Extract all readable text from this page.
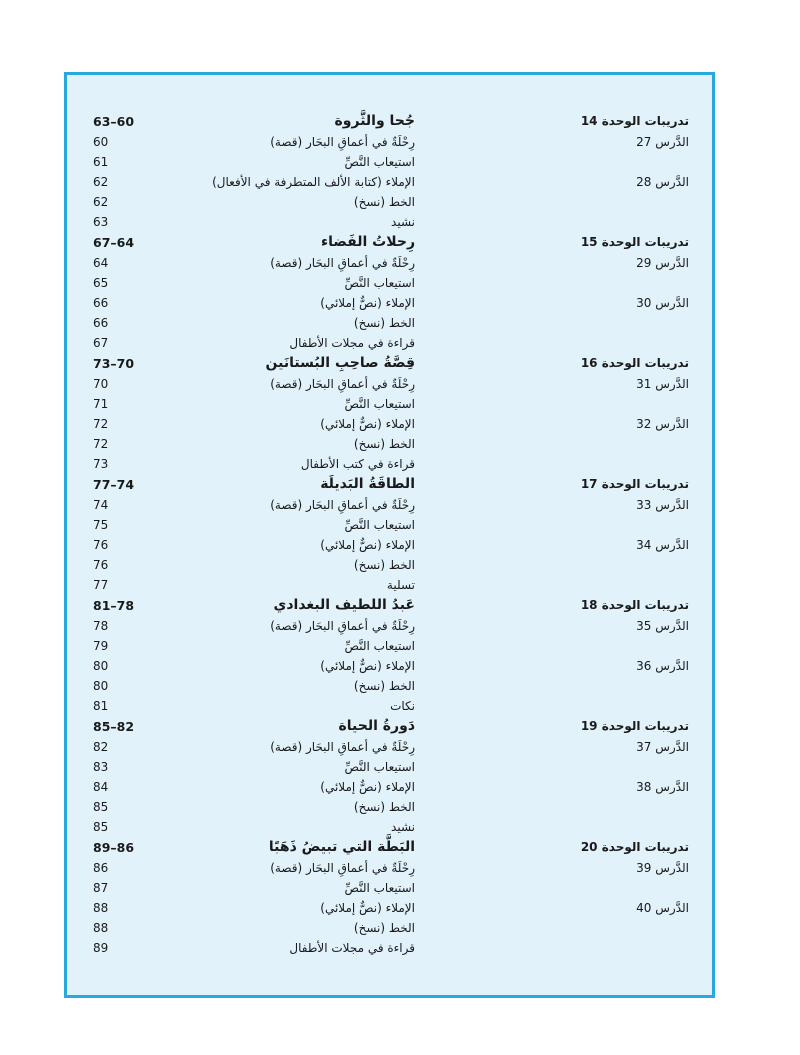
تدريبات الوحدة 14
جُحا والثَّروة
63–60
الدَّرس 27
رِحْلَةٌ في أعماقِ البحَار (قصة)
60
استيعاب النَّصِّ
61
الدَّرس 28
الإملاء (كتابة الألف المتطرفة في الأفعال)
62
الخط (نسخ)
62
نشيد
63
تدريبات الوحدة 15
رِحلاتُ الفَضاء
67–64
الدَّرس 29
رِحْلَةٌ في أعماقِ البحَار (قصة)
64
استيعاب النَّصِّ
65
الدَّرس 30
الإملاء (نصٌّ إملائي)
66
الخط (نسخ)
66
قراءة في مجلات الأطفال
67
تدريبات الوحدة 16
قِصَّةُ صاحِبِ البُستانَين
73–70
الدَّرس 31
رِحْلَةٌ في أعماقِ البحَار (قصة)
70
استيعاب النَّصِّ
71
الدَّرس 32
الإملاء (نصٌّ إملائي)
72
الخط (نسخ)
72
قراءة في كتب الأطفال
73
تدريبات الوحدة 17
الطاقَةُ البَديلَة
77–74
الدَّرس 33
رِحْلَةٌ في أعماقِ البحَار (قصة)
74
استيعاب النَّصِّ
75
الدَّرس 34
الإملاء (نصٌّ إملائي)
76
الخط (نسخ)
76
تسلية
77
تدريبات الوحدة 18
عَبدُ اللطيف البغدادي
81–78
الدَّرس 35
رِحْلَةٌ في أعماقِ البحَار (قصة)
78
استيعاب النَّصِّ
79
الدَّرس 36
الإملاء (نصٌّ إملائي)
80
الخط (نسخ)
80
نكات
81
تدريبات الوحدة 19
دَورةُ الحياة
85–82
الدَّرس 37
رِحْلَةٌ في أعماقِ البحَار (قصة)
82
استيعاب النَّصِّ
83
الدَّرس 38
الإملاء (نصٌّ إملائي)
84
الخط (نسخ)
85
نشيد
85
تدريبات الوحدة 20
البَطَّة التي تبيضُ ذَهَبًا
89–86
الدَّرس 39
رِحْلَةٌ في أعماقِ البحَار (قصة)
86
استيعاب النَّصِّ
87
الدَّرس 40
الإملاء (نصٌّ إملائي)
88
الخط (نسخ)
88
قراءة في مجلات الأطفال
89
